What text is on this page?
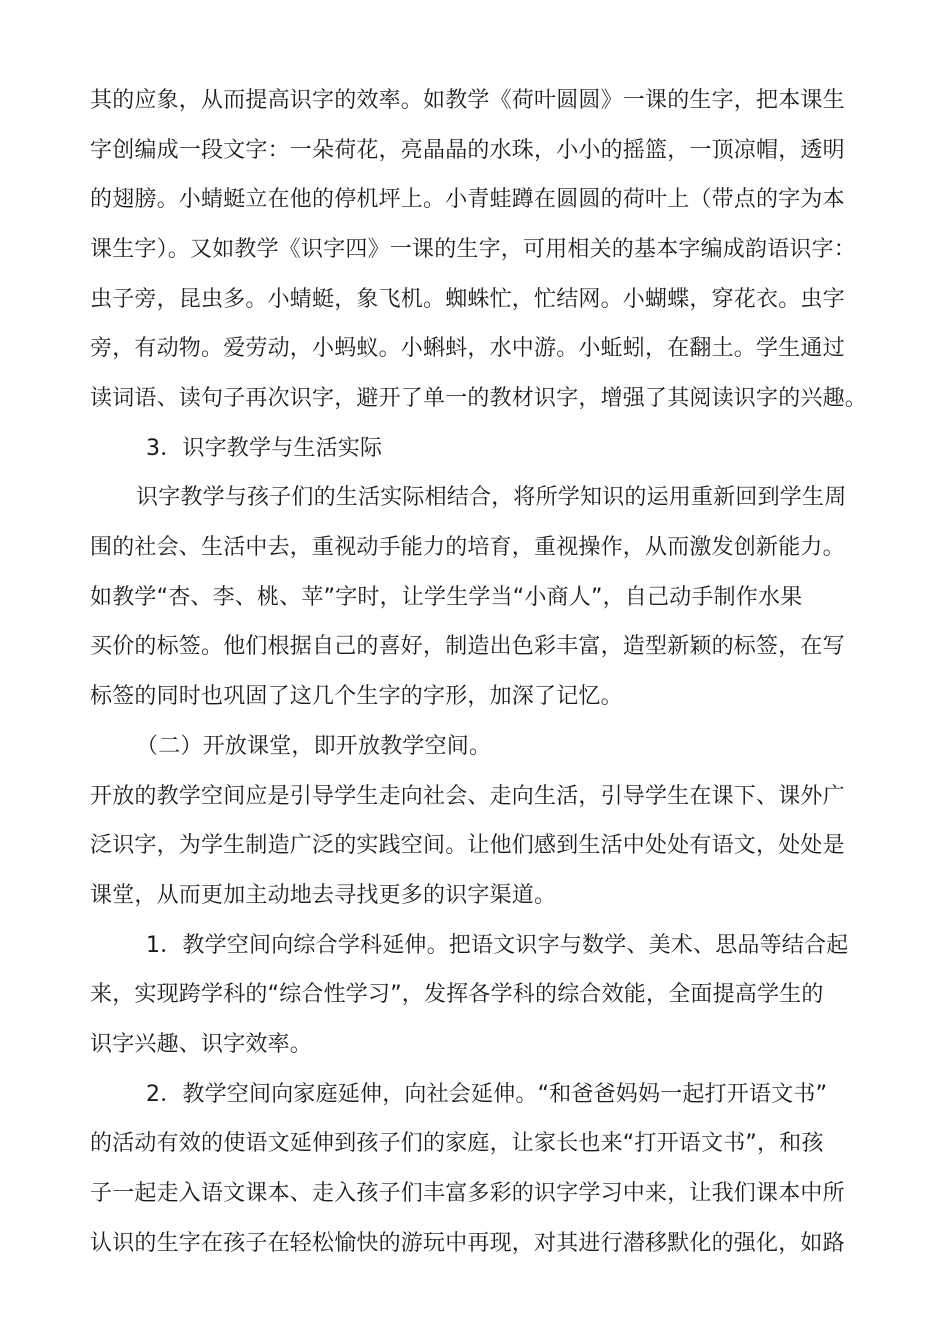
其的应象，从而提高识字的效率。如教学《荷叶圆圆》一课的生字，把本课生
字创编成一段文字：一朵荷花，亮晶晶的水珠，小小的摇篮，一顶凉帽，透明
的翅膀。小蜻蜓立在他的停机坪上。小青蛙蹲在圆圆的荷叶上（带点的字为本
课生字）。又如教学《识字四》一课的生字，可用相关的基本字编成韵语识字：
虫子旁，昆虫多。小蜻蜓，象飞机。蜘蛛忙，忙结网。小蝴蝶，穿花衣。虫字
旁，有动物。爱劳动，小蚂蚁。小蝌蚪，水中游。小蚯蚓，在翻土。学生通过
读词语、读句子再次识字，避开了单一的教材识字，增强了其阅读识字的兴趣。
3．识字教学与生活实际
识字教学与孩子们的生活实际相结合，将所学知识的运用重新回到学生周
围的社会、生活中去，重视动手能力的培育，重视操作，从而激发创新能力。
如教学“杏、李、桃、苹”字时，让学生学当“小商人”，自己动手制作水果
买价的标签。他们根据自己的喜好，制造出色彩丰富，造型新颖的标签，在写
标签的同时也巩固了这几个生字的字形，加深了记忆。
（二）开放课堂，即开放教学空间。
开放的教学空间应是引导学生走向社会、走向生活，引导学生在课下、课外广
泛识字，为学生制造广泛的实践空间。让他们感到生活中处处有语文，处处是
课堂，从而更加主动地去寻找更多的识字渠道。
1．教学空间向综合学科延伸。把语文识字与数学、美术、思品等结合起
来，实现跨学科的“综合性学习”，发挥各学科的综合效能，全面提高学生的
识字兴趣、识字效率。
2．教学空间向家庭延伸，向社会延伸。“和爸爸妈妈一起打开语文书”
的活动有效的使语文延伸到孩子们的家庭，让家长也来“打开语文书”，和孩
子一起走入语文课本、走入孩子们丰富多彩的识字学习中来，让我们课本中所
认识的生字在孩子在轻松愉快的游玩中再现，对其进行潜移默化的强化，如路
